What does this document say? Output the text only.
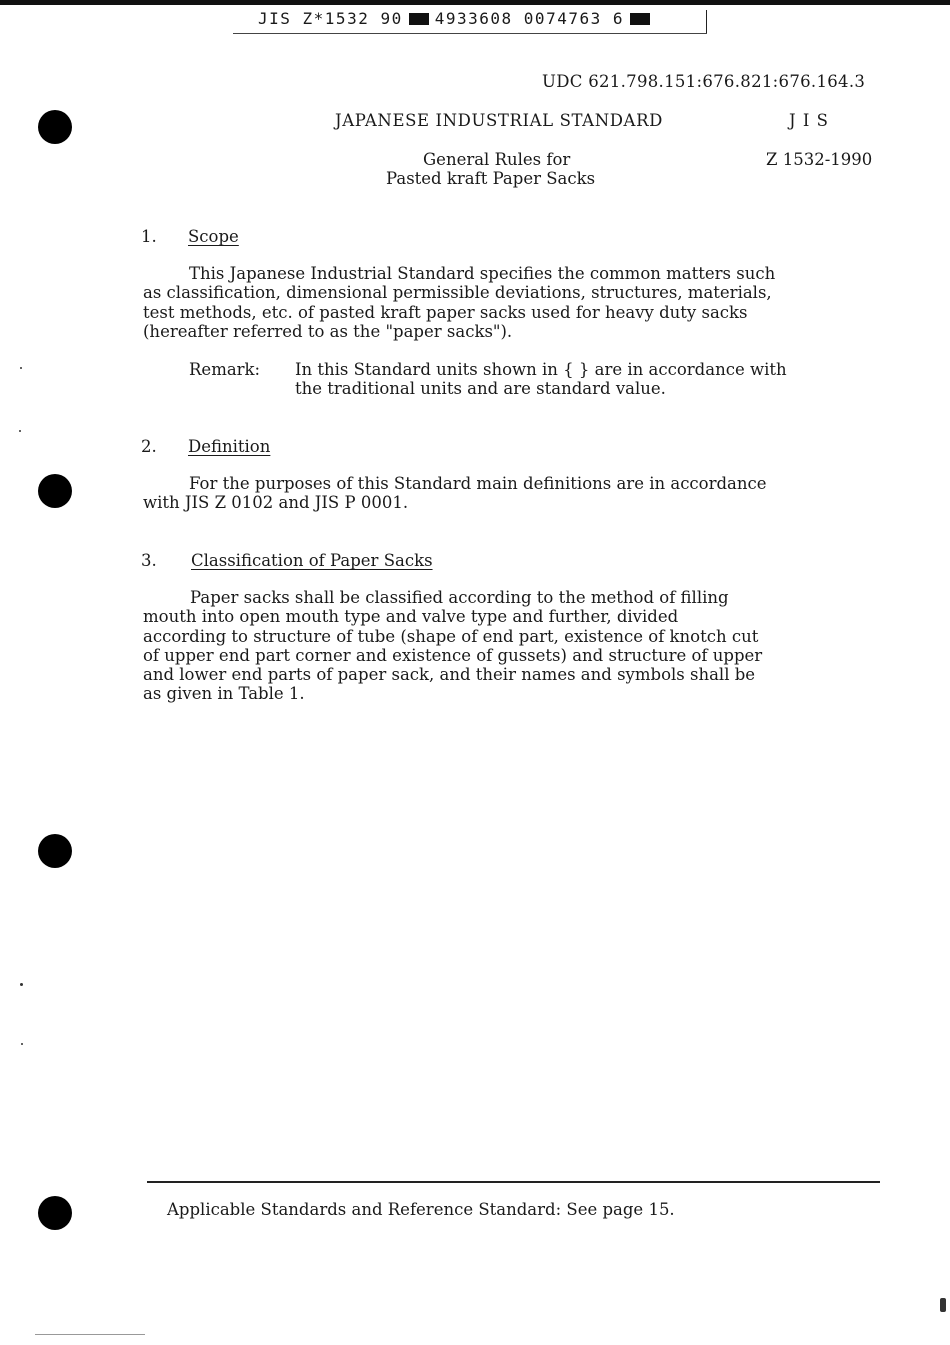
JIS Z*1532 90 4933608 0074763 6
UDC 621.798.151:676.821:676.164.3
JAPANESE INDUSTRIAL STANDARD	J I S
General Rules for	Z 1532-1990
Pasted kraft Paper Sacks
1. Scope
This Japanese Industrial Standard specifies the common matters such
as classification, dimensional permissible deviations, structures, materials,
test methods, etc. of pasted kraft paper sacks used for heavy duty sacks
(hereafter referred to as the "paper sacks").
Remark: In this Standard units shown in { } are in accordance with
the traditional units and are standard value.
2. Definition
For the purposes of this Standard main definitions are in accordance
with JIS Z 0102 and JIS P 0001.
3. Classification of Paper Sacks
Paper sacks shall be classified according to the method of filling
mouth into open mouth type and valve type and further, divided
according to structure of tube (shape of end part, existence of knotch cut
of upper end part corner and existence of gussets) and structure of upper
and lower end parts of paper sack, and their names and symbols shall be
as given in Table 1.
Applicable Standards and Reference Standard: See page 15.
